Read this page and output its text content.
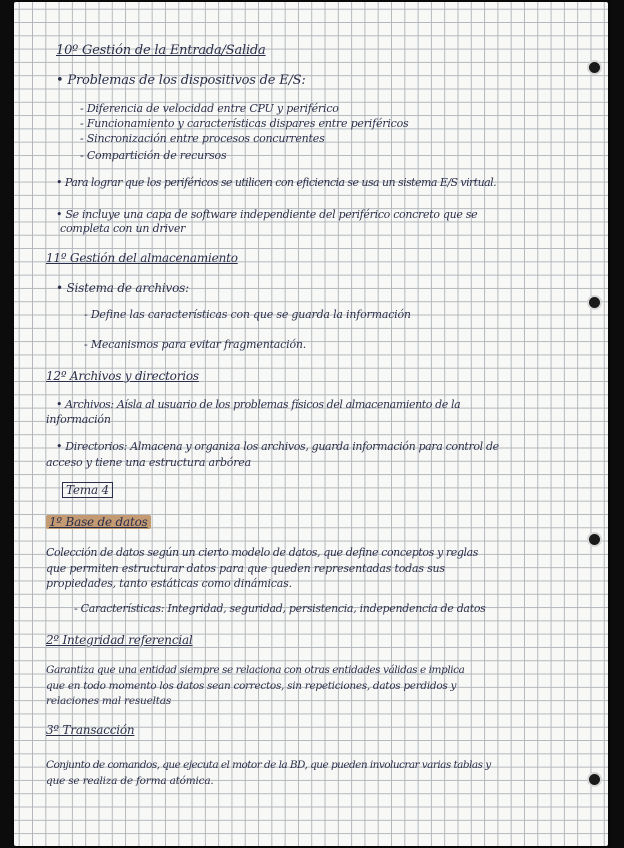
10º Gestión de la Entrada/Salida
• Problemas de los dispositivos de E/S:
- Diferencia de velocidad entre CPU y periférico
- Funcionamiento y características dispares entre periféricos
- Sincronización entre procesos concurrentes
- Compartición de recursos
• Para lograr que los periféricos se utilicen con eficiencia se usa un sistema E/S virtual.
• Se incluye una capa de software independiente del periférico concreto que se
completa con un driver
11º Gestión del almacenamiento
• Sistema de archivos:
- Define las características con que se guarda la información
- Mecanismos para evitar fragmentación.
12º Archivos y directorios
• Archivos: Aísla al usuario de los problemas físicos del almacenamiento de la
información
• Directorios: Almacena y organiza los archivos, guarda información para control de
acceso y tiene una estructura arbórea
Tema 4
1º Base de datos
Colección de datos según un cierto modelo de datos, que define conceptos y reglas
que permiten estructurar datos para que queden representadas todas sus
propiedades, tanto estáticas como dinámicas.
- Características: Integridad, seguridad, persistencia, independencia de datos
2º Integridad referencial
Garantiza que una entidad siempre se relaciona con otras entidades válidas e implica
que en todo momento los datos sean correctos, sin repeticiones, datos perdidos y
relaciones mal resueltas
3º Transacción
Conjunto de comandos, que ejecuta el motor de la BD, que pueden involucrar varias tablas y
que se realiza de forma atómica.
